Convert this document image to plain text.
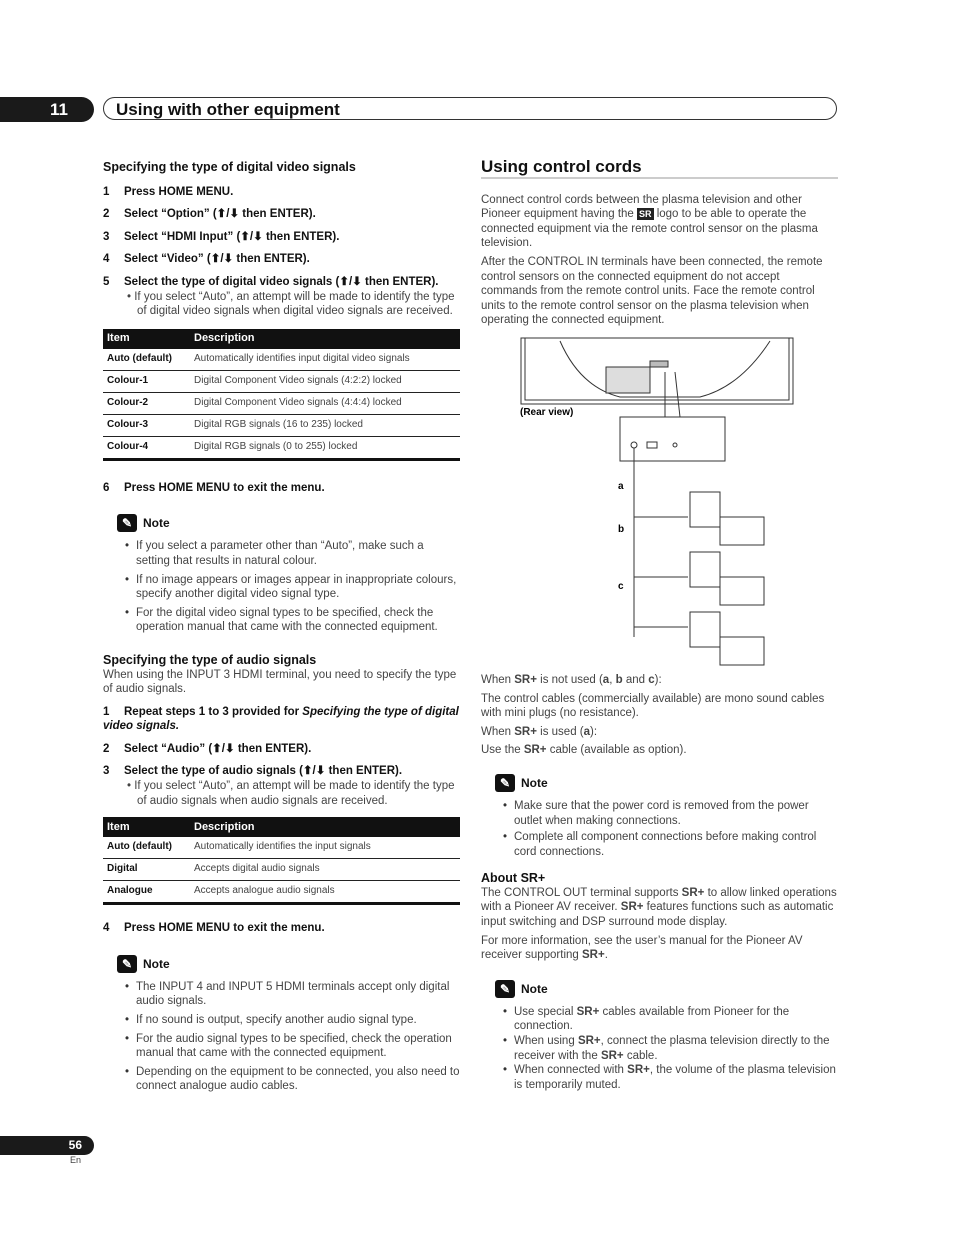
11	Using with other equipment
Specifying the type of digital video signals

1 Press HOME MENU.

2 Select “Option” (⬆/⬇ then ENTER).

3 Select “HDMI Input” (⬆/⬇ then ENTER).

4 Select “Video” (⬆/⬇ then ENTER).

5 Select the type of digital video signals (⬆/⬇ then ENTER).

• If you select “Auto”, an attempt will be made to identify the type of digital video signals when digital video signals are received.

Item	Description
Auto (default)	Automatically identifies input digital video signals
Colour-1	Digital Component Video signals (4:2:2) locked
Colour-2	Digital Component Video signals (4:4:4) locked
Colour-3	Digital RGB signals (16 to 235) locked
Colour-4	Digital RGB signals (0 to 255) locked

6 Press HOME MENU to exit the menu.

✎ Note
• If you select a parameter other than “Auto”, make such a setting that results in natural colour.
• If no image appears or images appear in inappropriate colours, specify another digital video signal type.
• For the digital video signal types to be specified, check the operation manual that came with the connected equipment.
Specifying the type of audio signals

When using the INPUT 3 HDMI terminal, you need to specify the type of audio signals.

1 Repeat steps 1 to 3 provided for Specifying the type of digital video signals.

2 Select “Audio” (⬆/⬇ then ENTER).

3 Select the type of audio signals (⬆/⬇ then ENTER).

• If you select “Auto”, an attempt will be made to identify the type of audio signals when audio signals are received.

Item	Description
Auto (default)	Automatically identifies the input signals
Digital	Accepts digital audio signals
Analogue	Accepts analogue audio signals

4 Press HOME MENU to exit the menu.

✎ Note
• The INPUT 4 and INPUT 5 HDMI terminals accept only digital audio signals.
• If no sound is output, specify another audio signal type.
• For the audio signal types to be specified, check the operation manual that came with the connected equipment.
• Depending on the equipment to be connected, you also need to connect analogue audio cables.
Using control cords

Connect control cords between the plasma television and other Pioneer equipment having the SR logo to be able to operate the connected equipment via the remote control sensor on the plasma television.

After the CONTROL IN terminals have been connected, the remote control sensors on the connected equipment do not accept commands from the remote control units. Face the remote control units to the remote control sensor on the plasma television when operating the connected equipment.

(Rear view)
a
b
c

When SR+ is not used (a, b and c):

The control cables (commercially available) are mono sound cables with mini plugs (no resistance).

When SR+ is used (a):

Use the SR+ cable (available as option).

✎ Note
• Make sure that the power cord is removed from the power outlet when making connections.
• Complete all component connections before making control cord connections.
About SR+

The CONTROL OUT terminal supports SR+ to allow linked operations with a Pioneer AV receiver. SR+ features functions such as automatic input switching and DSP surround mode display.

For more information, see the user’s manual for the Pioneer AV receiver supporting SR+.

✎ Note
• Use special SR+ cables available from Pioneer for the connection.
• When using SR+, connect the plasma television directly to the receiver with the SR+ cable.
• When connected with SR+, the volume of the plasma television is temporarily muted.
56
En
